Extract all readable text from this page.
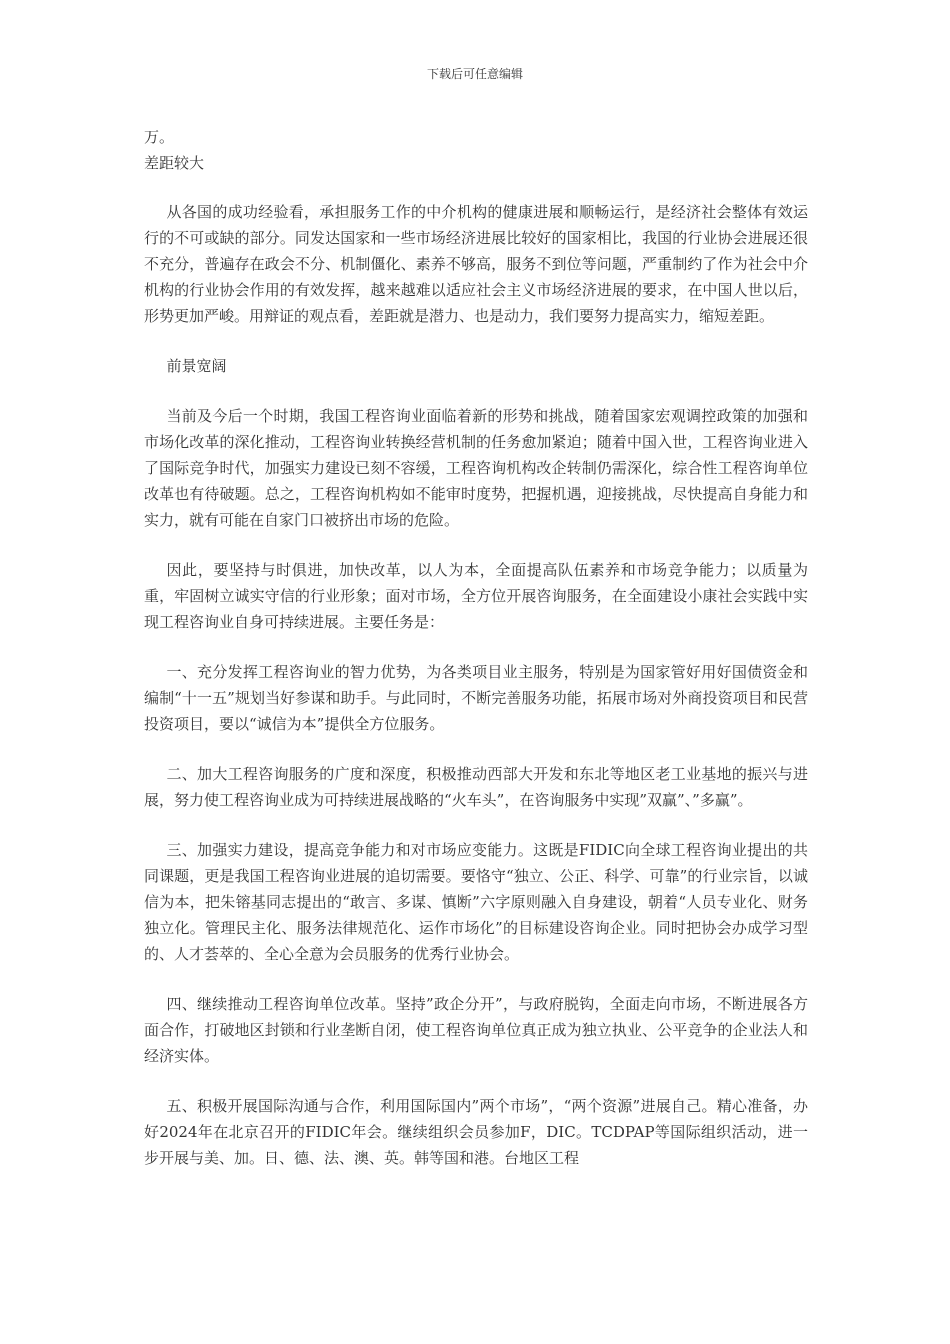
下载后可任意编辑

万。

差距较大

从各国的成功经验看，承担服务工作的中介机构的健康进展和顺畅运行，是经济社会整体有效运行的不可或缺的部分。同发达国家和一些市场经济进展比较好的国家相比，我国的行业协会进展还很不充分，普遍存在政会不分、机制僵化、素养不够高，服务不到位等问题，严重制约了作为社会中介机构的行业协会作用的有效发挥，越来越难以适应社会主义市场经济进展的要求，在中国人世以后，形势更加严峻。用辩证的观点看，差距就是潜力、也是动力，我们要努力提高实力，缩短差距。

前景宽阔

当前及今后一个时期，我国工程咨询业面临着新的形势和挑战，随着国家宏观调控政策的加强和市场化改革的深化推动，工程咨询业转换经营机制的任务愈加紧迫；随着中国入世，工程咨询业进入了国际竞争时代，加强实力建设已刻不容缓，工程咨询机构改企转制仍需深化，综合性工程咨询单位改革也有待破题。总之，工程咨询机构如不能审时度势，把握机遇，迎接挑战，尽快提高自身能力和实力，就有可能在自家门口被挤出市场的危险。

因此，要坚持与时俱进，加快改革，以人为本，全面提高队伍素养和市场竞争能力；以质量为重，牢固树立诚实守信的行业形象；面对市场，全方位开展咨询服务，在全面建设小康社会实践中实现工程咨询业自身可持续进展。主要任务是：

一、充分发挥工程咨询业的智力优势，为各类项目业主服务，特别是为国家管好用好国债资金和编制“十一五”规划当好参谋和助手。与此同时，不断完善服务功能，拓展市场对外商投资项目和民营投资项目，要以“诚信为本”提供全方位服务。

二、加大工程咨询服务的广度和深度，积极推动西部大开发和东北等地区老工业基地的振兴与进展，努力使工程咨询业成为可持续进展战略的“火车头”，在咨询服务中实现”双赢”、”多赢”。

三、加强实力建设，提高竞争能力和对市场应变能力。这既是FIDIC向全球工程咨询业提出的共同课题，更是我国工程咨询业进展的追切需要。要恪守“独立、公正、科学、可靠”的行业宗旨，以诚信为本，把朱镕基同志提出的“敢言、多谋、慎断”六字原则融入自身建设，朝着“人员专业化、财务独立化。管理民主化、服务法律规范化、运作市场化”的目标建设咨询企业。同时把协会办成学习型的、人才荟萃的、全心全意为会员服务的优秀行业协会。

四、继续推动工程咨询单位改革。坚持”政企分开”，与政府脱钩，全面走向市场，不断进展各方面合作，打破地区封锁和行业垄断自闭，使工程咨询单位真正成为独立执业、公平竞争的企业法人和经济实体。

五、积极开展国际沟通与合作，利用国际国内”两个市场”，“两个资源”进展自己。精心准备，办好2024年在北京召开的FIDIC年会。继续组织会员参加F，DIC。TCDPAP等国际组织活动，进一步开展与美、加。日、德、法、澳、英。韩等国和港。台地区工程
